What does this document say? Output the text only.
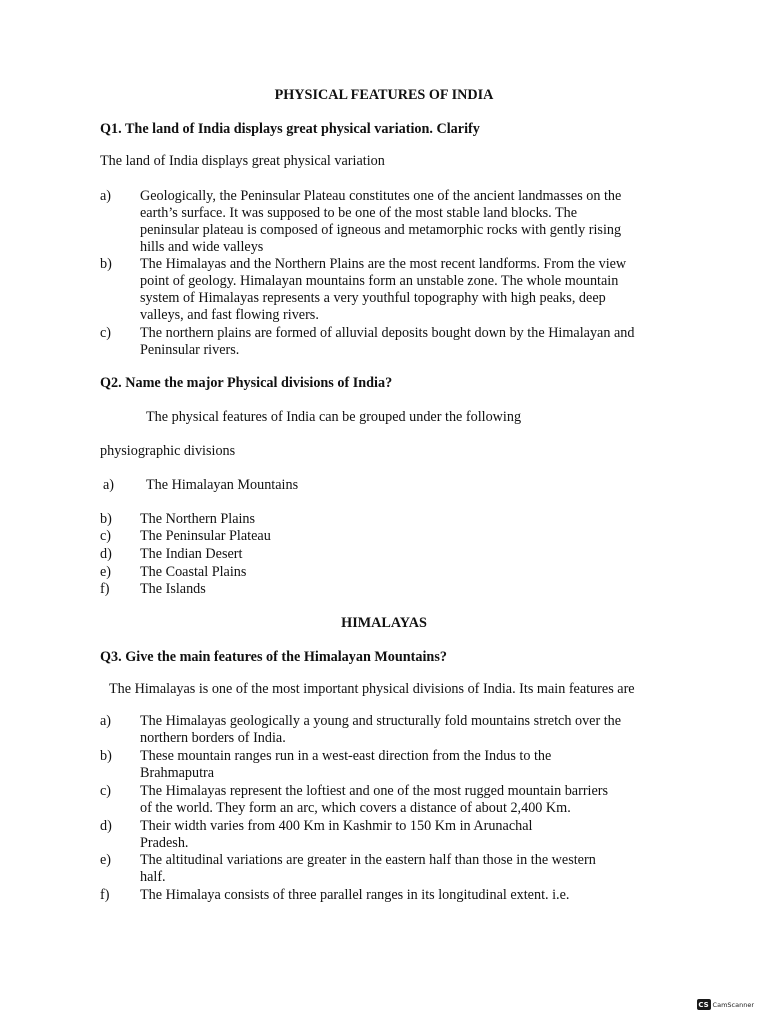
PHYSICAL FEATURES OF INDIA
Q1. The land of India displays great physical variation. Clarify
The land of India displays great physical variation
a) Geologically, the Peninsular Plateau constitutes one of the ancient landmasses on the
earth’s surface. It was supposed to be one of the most stable land blocks. The
peninsular plateau is composed of igneous and metamorphic rocks with gently rising
hills and wide valleys
b) The Himalayas and the Northern Plains are the most recent landforms. From the view
point of geology. Himalayan mountains form an unstable zone. The whole mountain
system of Himalayas represents a very youthful topography with high peaks, deep
valleys, and fast flowing rivers.
c) The northern plains are formed of alluvial deposits bought down by the Himalayan and
Peninsular rivers.
Q2. Name the major Physical divisions of India?
The physical features of India can be grouped under the following
physiographic divisions
a) The Himalayan Mountains
b) The Northern Plains
c) The Peninsular Plateau
d) The Indian Desert
e) The Coastal Plains
f) The Islands
HIMALAYAS
Q3. Give the main features of the Himalayan Mountains?
The Himalayas is one of the most important physical divisions of India. Its main features are
a) The Himalayas geologically a young and structurally fold mountains stretch over the
northern borders of India.
b) These mountain ranges run in a west-east direction from the Indus to the
Brahmaputra
c) The Himalayas represent the loftiest and one of the most rugged mountain barriers
of the world. They form an arc, which covers a distance of about 2,400 Km.
d) Their width varies from 400 Km in Kashmir to 150 Km in Arunachal
Pradesh.
e) The altitudinal variations are greater in the eastern half than those in the western
half.
f) The Himalaya consists of three parallel ranges in its longitudinal extent. i.e.
CS CamScanner
